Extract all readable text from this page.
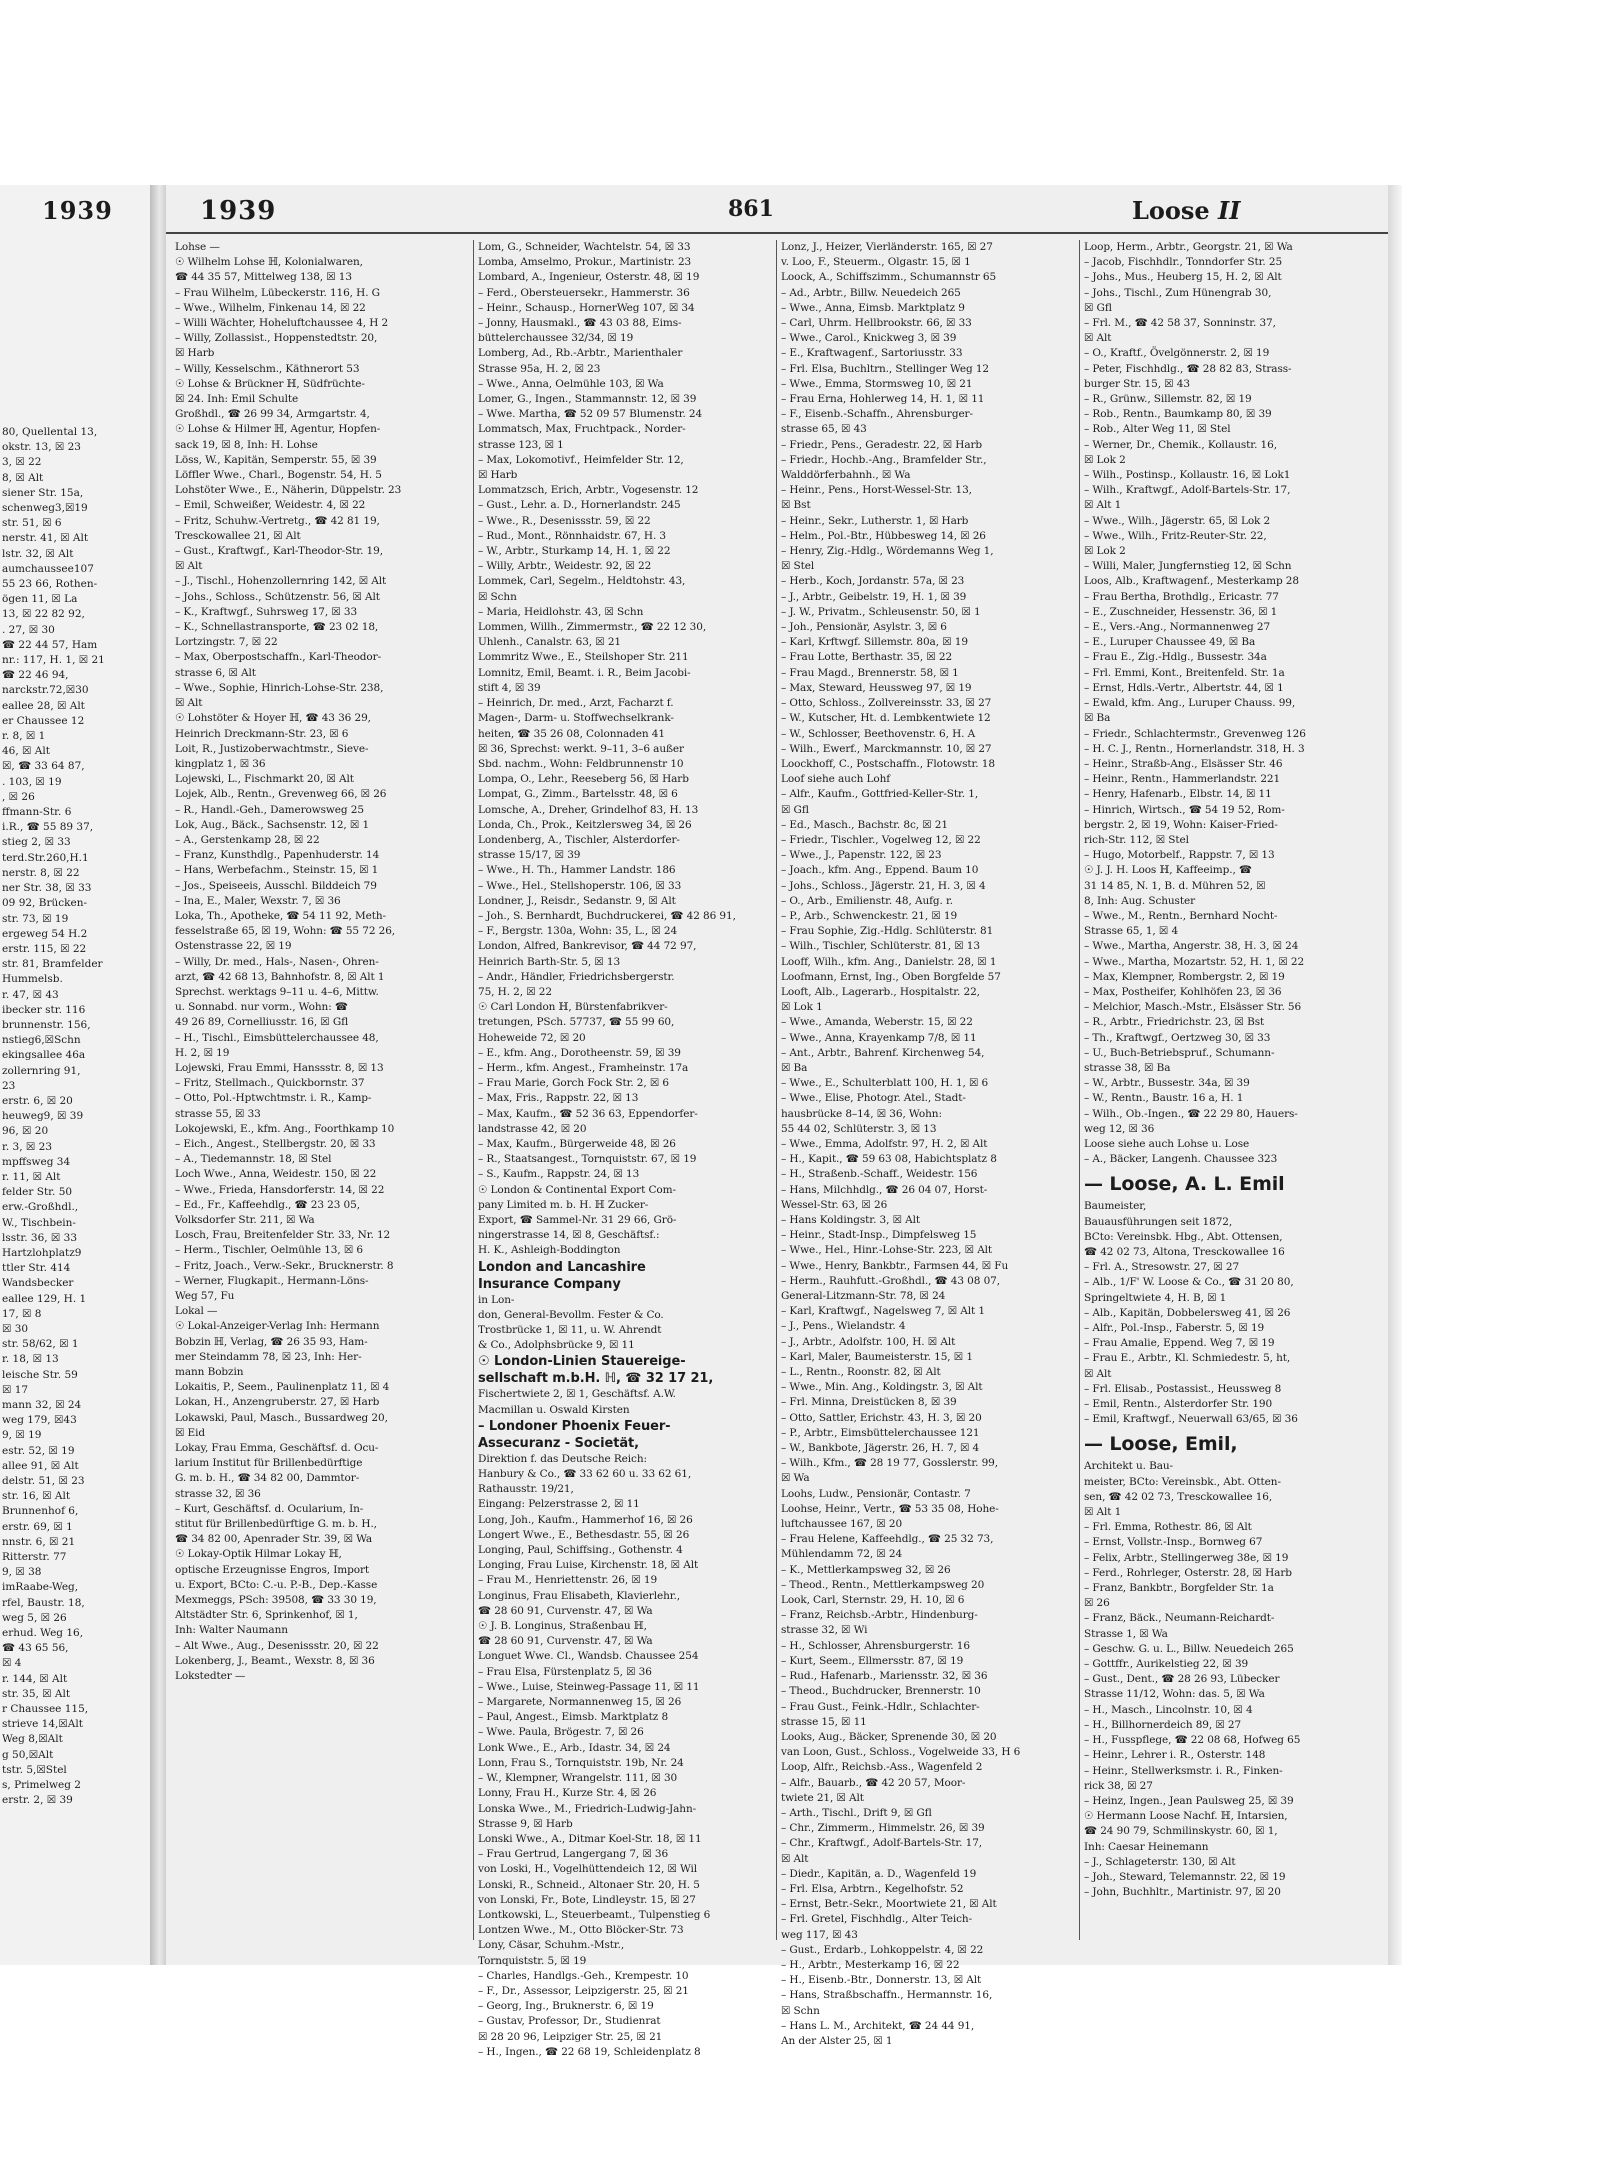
80, Quellental 13,
okstr. 13, ☒ 23
3, ☒ 22
8, ☒ Alt
siener Str. 15a,
schenweg3,☒19
str. 51, ☒ 6
nerstr. 41, ☒ Alt
lstr. 32, ☒ Alt
aumchaussee107
55 23 66, Rothen-
ögen 11, ☒ La
13, ☒ 22 82 92,
. 27, ☒ 30
☎ 22 44 57, Ham
nr.: 117, H. 1, ☒ 21
☎ 22 46 94,
narckstr.72,☒30
eallee 28, ☒ Alt
er Chaussee 12
r. 8, ☒ 1
46, ☒ Alt
☒, ☎ 33 64 87,
. 103, ☒ 19
, ☒ 26
ffmann-Str. 6
i.R., ☎ 55 89 37,
stieg 2, ☒ 33
terd.Str.260,H.1
nerstr. 8, ☒ 22
ner Str. 38, ☒ 33
09 92, Brücken-
str. 73, ☒ 19
ergeweg 54 H.2
erstr. 115, ☒ 22
str. 81, Bramfelder
Hummelsb.
r. 47, ☒ 43
ibecker str. 116
brunnenstr. 156,
nstieg6,☒Schn
ekingsallee 46a
zollernring 91,
23
erstr. 6, ☒ 20
heuweg9, ☒ 39
96, ☒ 20
r. 3, ☒ 23
mpffsweg 34
r. 11, ☒ Alt
felder Str. 50
erw.-Großhdl.,
W., Tischbein-
lsstr. 36, ☒ 33
Hartzlohplatz9
ttler Str. 414
Wandsbecker
eallee 129, H. 1
17, ☒ 8
☒ 30
str. 58/62, ☒ 1
r. 18, ☒ 13
leische Str. 59
☒ 17
mann 32, ☒ 24
weg 179, ☒43
9, ☒ 19
estr. 52, ☒ 19
allee 91, ☒ Alt
delstr. 51, ☒ 23
str. 16, ☒ Alt
Brunnenhof 6,
erstr. 69, ☒ 1
nnstr. 6, ☒ 21
Ritterstr. 77
9, ☒ 38
imRaabe-Weg,
rfel, Baustr. 18,
weg 5, ☒ 26
erhud. Weg 16,
☎ 43 65 56,
☒ 4
r. 144, ☒ Alt
str. 35, ☒ Alt
r Chaussee 115,
strieve 14,☒Alt
Weg 8,☒Alt
g 50,☒Alt
tstr. 5,☒Stel
s, Primelweg 2
erstr. 2, ☒ 39
1939	1939	861	Loose II
Lohse —
☉ Wilhelm Lohse ℍ, Kolonialwaren,
☎ 44 35 57, Mittelweg 138, ☒ 13
– Frau Wilhelm, Lübeckerstr. 116, H. G
– Wwe., Wilhelm, Finkenau 14, ☒ 22
– Willi Wächter, Hoheluftchaussee 4, H 2
– Willy, Zollassist., Hoppenstedtstr. 20,
☒ Harb
– Willy, Kesselschm., Käthnerort 53
☉ Lohse & Brückner ℍ, Südfrüchte-
☒ 24. Inh: Emil Schulte
Großhdl., ☎ 26 99 34, Armgartstr. 4,
☉ Lohse & Hilmer ℍ, Agentur, Hopfen-
sack 19, ☒ 8, Inh: H. Lohse
Löss, W., Kapitän, Semperstr. 55, ☒ 39
Löffler Wwe., Charl., Bogenstr. 54, H. 5
Lohstöter Wwe., E., Näherin, Düppelstr. 23
– Emil, Schweißer, Weidestr. 4, ☒ 22
– Fritz, Schuhw.-Vertretg., ☎ 42 81 19,
Tresckowallee 21, ☒ Alt
– Gust., Kraftwgf., Karl-Theodor-Str. 19,
☒ Alt
– J., Tischl., Hohenzollernring 142, ☒ Alt
– Johs., Schloss., Schützenstr. 56, ☒ Alt
– K., Kraftwgf., Suhrsweg 17, ☒ 33
– K., Schnellastransporte, ☎ 23 02 18,
Lortzingstr. 7, ☒ 22
– Max, Oberpostschaffn., Karl-Theodor-
strasse 6, ☒ Alt
– Wwe., Sophie, Hinrich-Lohse-Str. 238,
☒ Alt
☉ Lohstöter & Hoyer ℍ, ☎ 43 36 29,
Heinrich Dreckmann-Str. 23, ☒ 6
Loit, R., Justizoberwachtmstr., Sieve-
kingplatz 1, ☒ 36
Lojewski, L., Fischmarkt 20, ☒ Alt
Lojek, Alb., Rentn., Grevenweg 66, ☒ 26
– R., Handl.-Geh., Damerowsweg 25
Lok, Aug., Bäck., Sachsenstr. 12, ☒ 1
– A., Gerstenkamp 28, ☒ 22
– Franz, Kunsthdlg., Papenhuderstr. 14
– Hans, Werbefachm., Steinstr. 15, ☒ 1
– Jos., Speiseeis, Ausschl. Bilddeich 79
– Ina, E., Maler, Wexstr. 7, ☒ 36
Loka, Th., Apotheke, ☎ 54 11 92, Meth-
fesselstraße 65, ☒ 19, Wohn: ☎ 55 72 26,
Ostenstrasse 22, ☒ 19
– Willy, Dr. med., Hals-, Nasen-, Ohren-
arzt, ☎ 42 68 13, Bahnhofstr. 8, ☒ Alt 1
Sprechst. werktags 9–11 u. 4–6, Mittw.
u. Sonnabd. nur vorm., Wohn: ☎
49 26 89, Cornelliusstr. 16, ☒ Gfl
– H., Tischl., Eimsbüttelerchaussee 48,
H. 2, ☒ 19
Lojewski, Frau Emmi, Hanssstr. 8, ☒ 13
– Fritz, Stellmach., Quickbornstr. 37
– Otto, Pol.-Hptwchtmstr. i. R., Kamp-
strasse 55, ☒ 33
Lokojewski, E., kfm. Ang., Foorthkamp 10
– Eich., Angest., Stellbergstr. 20, ☒ 33
– A., Tiedemannstr. 18, ☒ Stel
Loch Wwe., Anna, Weidestr. 150, ☒ 22
– Wwe., Frieda, Hansdorferstr. 14, ☒ 22
– Ed., Fr., Kaffeehdlg., ☎ 23 23 05,
Volksdorfer Str. 211, ☒ Wa
Losch, Frau, Breitenfelder Str. 33, Nr. 12
– Herm., Tischler, Oelmühle 13, ☒ 6
– Fritz, Joach., Verw.-Sekr., Brucknerstr. 8
– Werner, Flugkapit., Hermann-Löns-
Weg 57, Fu
Lokal —
☉ Lokal-Anzeiger-Verlag Inh: Hermann
Bobzin ℍ, Verlag, ☎ 26 35 93, Ham-
mer Steindamm 78, ☒ 23, Inh: Her-
mann Bobzin
Lokaitis, P., Seem., Paulinenplatz 11, ☒ 4
Lokan, H., Anzengruberstr. 27, ☒ Harb
Lokawski, Paul, Masch., Bussardweg 20,
☒ Eid
Lokay, Frau Emma, Geschäftsf. d. Ocu-
larium Institut für Brillenbedürftige
G. m. b. H., ☎ 34 82 00, Dammtor-
strasse 32, ☒ 36
– Kurt, Geschäftsf. d. Ocularium, In-
stitut für Brillenbedürftige G. m. b. H.,
☎ 34 82 00, Apenrader Str. 39, ☒ Wa
☉ Lokay-Optik Hilmar Lokay ℍ,
optische Erzeugnisse Engros, Import
u. Export, BCto: C.-u. P.-B., Dep.-Kasse
Mexmeggs, PSch: 39508, ☎ 33 30 19,
Altstädter Str. 6, Sprinkenhof, ☒ 1,
Inh: Walter Naumann
– Alt Wwe., Aug., Desenissstr. 20, ☒ 22
Lokenberg, J., Beamt., Wexstr. 8, ☒ 36
Lokstedter —
Lom, G., Schneider, Wachtelstr. 54, ☒ 33
Lomba, Amselmo, Prokur., Martinistr. 23
Lombard, A., Ingenieur, Osterstr. 48, ☒ 19
– Ferd., Obersteuersekr., Hammerstr. 36
– Heinr., Schausp., HornerWeg 107, ☒ 34
– Jonny, Hausmakl., ☎ 43 03 88, Eims-
büttelerchaussee 32/34, ☒ 19
Lomberg, Ad., Rb.-Arbtr., Marienthaler
Strasse 95a, H. 2, ☒ 23
– Wwe., Anna, Oelmühle 103, ☒ Wa
Lomer, G., Ingen., Stammannstr. 12, ☒ 39
– Wwe. Martha, ☎ 52 09 57 Blumenstr. 24
Lommatsch, Max, Fruchtpack., Norder-
strasse 123, ☒ 1
– Max, Lokomotivf., Heimfelder Str. 12,
☒ Harb
Lommatzsch, Erich, Arbtr., Vogesenstr. 12
– Gust., Lehr. a. D., Hornerlandstr. 245
– Wwe., R., Desenissstr. 59, ☒ 22
– Rud., Mont., Rönnhaidstr. 67, H. 3
– W., Arbtr., Sturkamp 14, H. 1, ☒ 22
– Willy, Arbtr., Weidestr. 92, ☒ 22
Lommek, Carl, Segelm., Heldtohstr. 43,
☒ Schn
– Maria, Heidlohstr. 43, ☒ Schn
Lommen, Willh., Zimmermstr., ☎ 22 12 30,
Uhlenh., Canalstr. 63, ☒ 21
Lommritz Wwe., E., Steilshoper Str. 211
Lomnitz, Emil, Beamt. i. R., Beim Jacobi-
stift 4, ☒ 39
– Heinrich, Dr. med., Arzt, Facharzt f.
Magen-, Darm- u. Stoffwechselkrank-
heiten, ☎ 35 26 08, Colonnaden 41
☒ 36, Sprechst: werkt. 9–11, 3–6 außer
Sbd. nachm., Wohn: Feldbrunnenstr 10
Lompa, O., Lehr., Reeseberg 56, ☒ Harb
Lompat, G., Zimm., Bartelsstr. 48, ☒ 6
Lomsche, A., Dreher, Grindelhof 83, H. 13
Londa, Ch., Prok., Keitzlersweg 34, ☒ 26
Londenberg, A., Tischler, Alsterdorfer-
strasse 15/17, ☒ 39
– Wwe., H. Th., Hammer Landstr. 186
– Wwe., Hel., Stellshoperstr. 106, ☒ 33
Londner, J., Reisdr., Sedanstr. 9, ☒ Alt
– Joh., S. Bernhardt, Buchdruckerei, ☎ 42 86 91,
– F., Bergstr. 130a, Wohn: 35, L., ☒ 24
London, Alfred, Bankrevisor, ☎ 44 72 97,
Heinrich Barth-Str. 5, ☒ 13
– Andr., Händler, Friedrichsbergerstr.
75, H. 2, ☒ 22
☉ Carl London ℍ, Bürstenfabrikver-
tretungen, PSch. 57737, ☎ 55 99 60,
Hoheweide 72, ☒ 20
– E., kfm. Ang., Dorotheenstr. 59, ☒ 39
– Herm., kfm. Angest., Framheinstr. 17a
– Frau Marie, Gorch Fock Str. 2, ☒ 6
– Max, Fris., Rappstr. 22, ☒ 13
– Max, Kaufm., ☎ 52 36 63, Eppendorfer-
landstrasse 42, ☒ 20
– Max, Kaufm., Bürgerweide 48, ☒ 26
– R., Staatsangest., Tornquiststr. 67, ☒ 19
– S., Kaufm., Rappstr. 24, ☒ 13
☉ London & Continental Export Com-
pany Limited m. b. H. ℍ Zucker-
Export, ☎ Sammel-Nr. 31 29 66, Grö-
ningerstrasse 14, ☒ 8, Geschäftsf.:
H. K., Ashleigh-Boddington
London and Lancashire
Insurance Company
in Lon-
don, General-Bevollm. Fester & Co.
Trostbrücke 1, ☒ 11, u. W. Ahrendt
& Co., Adolphsbrücke 9, ☒ 11
☉ London-Linien Stauereige-
sellschaft m.b.H. ℍ, ☎ 32 17 21,
Fischertwiete 2, ☒ 1, Geschäftsf. A.W.
Macmillan u. Oswald Kirsten
– Londoner Phoenix Feuer-
Assecuranz - Societät,
Direktion f. das Deutsche Reich:
Hanbury & Co., ☎ 33 62 60 u. 33 62 61,
Rathausstr. 19/21,
Eingang: Pelzerstrasse 2, ☒ 11
Long, Joh., Kaufm., Hammerhof 16, ☒ 26
Longert Wwe., E., Bethesdastr. 55, ☒ 26
Longing, Paul, Schiffsing., Gothenstr. 4
Longing, Frau Luise, Kirchenstr. 18, ☒ Alt
– Frau M., Henriettenstr. 26, ☒ 19
Longinus, Frau Elisabeth, Klavierlehr.,
☎ 28 60 91, Curvenstr. 47, ☒ Wa
☉ J. B. Longinus, Straßenbau ℍ,
☎ 28 60 91, Curvenstr. 47, ☒ Wa
Longuet Wwe. Cl., Wandsb. Chaussee 254
– Frau Elsa, Fürstenplatz 5, ☒ 36
– Wwe., Luise, Steinweg-Passage 11, ☒ 11
– Margarete, Normannenweg 15, ☒ 26
– Paul, Angest., Eimsb. Marktplatz 8
– Wwe. Paula, Brögestr. 7, ☒ 26
Lonk Wwe., E., Arb., Idastr. 34, ☒ 24
Lonn, Frau S., Tornquiststr. 19b, Nr. 24
– W., Klempner, Wrangelstr. 111, ☒ 30
Lonny, Frau H., Kurze Str. 4, ☒ 26
Lonska Wwe., M., Friedrich-Ludwig-Jahn-
Strasse 9, ☒ Harb
Lonski Wwe., A., Ditmar Koel-Str. 18, ☒ 11
– Frau Gertrud, Langergang 7, ☒ 36
von Loski, H., Vogelhüttendeich 12, ☒ Wil
Lonski, R., Schneid., Altonaer Str. 20, H. 5
von Lonski, Fr., Bote, Lindleystr. 15, ☒ 27
Lontkowski, L., Steuerbeamt., Tulpenstieg 6
Lontzen Wwe., M., Otto Blöcker-Str. 73
Lony, Cäsar, Schuhm.-Mstr.,
Tornquiststr. 5, ☒ 19
– Charles, Handlgs.-Geh., Krempestr. 10
– F., Dr., Assessor, Leipzigerstr. 25, ☒ 21
– Georg, Ing., Bruknerstr. 6, ☒ 19
– Gustav, Professor, Dr., Studienrat
☒ 28 20 96, Leipziger Str. 25, ☒ 21
– H., Ingen., ☎ 22 68 19, Schleidenplatz 8
Lonz, J., Heizer, Vierländerstr. 165, ☒ 27
v. Loo, F., Steuerm., Olgastr. 15, ☒ 1
Loock, A., Schiffszimm., Schumannstr 65
– Ad., Arbtr., Billw. Neuedeich 265
– Wwe., Anna, Eimsb. Marktplatz 9
– Carl, Uhrm. Hellbrookstr. 66, ☒ 33
– Wwe., Carol., Knickweg 3, ☒ 39
– E., Kraftwagenf., Sartoriusstr. 33
– Frl. Elsa, Buchltrn., Stellinger Weg 12
– Wwe., Emma, Stormsweg 10, ☒ 21
– Frau Erna, Hohlerweg 14, H. 1, ☒ 11
– F., Eisenb.-Schaffn., Ahrensburger-
strasse 65, ☒ 43
– Friedr., Pens., Geradestr. 22, ☒ Harb
– Friedr., Hochb.-Ang., Bramfelder Str.,
Walddörferbahnh., ☒ Wa
– Heinr., Pens., Horst-Wessel-Str. 13,
☒ Bst
– Heinr., Sekr., Lutherstr. 1, ☒ Harb
– Helm., Pol.-Btr., Hübbesweg 14, ☒ 26
– Henry, Zig.-Hdlg., Wördemanns Weg 1,
☒ Stel
– Herb., Koch, Jordanstr. 57a, ☒ 23
– J., Arbtr., Geibelstr. 19, H. 1, ☒ 39
– J. W., Privatm., Schleusenstr. 50, ☒ 1
– Joh., Pensionär, Asylstr. 3, ☒ 6
– Karl, Krftwgf. Sillemstr. 80a, ☒ 19
– Frau Lotte, Berthastr. 35, ☒ 22
– Frau Magd., Brennerstr. 58, ☒ 1
– Max, Steward, Heussweg 97, ☒ 19
– Otto, Schloss., Zollvereinsstr. 33, ☒ 27
– W., Kutscher, Ht. d. Lembkentwiete 12
– W., Schlosser, Beethovenstr. 6, H. A
– Wilh., Ewerf., Marckmannstr. 10, ☒ 27
Loockhoff, C., Postschaffn., Flotowstr. 18
Loof siehe auch Lohf
– Alfr., Kaufm., Gottfried-Keller-Str. 1,
☒ Gfl
– Ed., Masch., Bachstr. 8c, ☒ 21
– Friedr., Tischler., Vogelweg 12, ☒ 22
– Wwe., J., Papenstr. 122, ☒ 23
– Joach., kfm. Ang., Eppend. Baum 10
– Johs., Schloss., Jägerstr. 21, H. 3, ☒ 4
– O., Arb., Emilienstr. 48, Aufg. r.
– P., Arb., Schwenckestr. 21, ☒ 19
– Frau Sophie, Zig.-Hdlg. Schlüterstr. 81
– Wilh., Tischler, Schlüterstr. 81, ☒ 13
Looff, Wilh., kfm. Ang., Danielstr. 28, ☒ 1
Loofmann, Ernst, Ing., Oben Borgfelde 57
Looft, Alb., Lagerarb., Hospitalstr. 22,
☒ Lok 1
– Wwe., Amanda, Weberstr. 15, ☒ 22
– Wwe., Anna, Krayenkamp 7/8, ☒ 11
– Ant., Arbtr., Bahrenf. Kirchenweg 54,
☒ Ba
– Wwe., E., Schulterblatt 100, H. 1, ☒ 6
– Wwe., Elise, Photogr. Atel., Stadt-
hausbrücke 8–14, ☒ 36, Wohn:
55 44 02, Schlüterstr. 3, ☒ 13
– Wwe., Emma, Adolfstr. 97, H. 2, ☒ Alt
– H., Kapit., ☎ 59 63 08, Habichtsplatz 8
– H., Straßenb.-Schaff., Weidestr. 156
– Hans, Milchhdlg., ☎ 26 04 07, Horst-
Wessel-Str. 63, ☒ 26
– Hans Koldingstr. 3, ☒ Alt
– Heinr., Stadt-Insp., Dimpfelsweg 15
– Wwe., Hel., Hinr.-Lohse-Str. 223, ☒ Alt
– Wwe., Henry, Bankbtr., Farmsen 44, ☒ Fu
– Herm., Rauhfutt.-Großhdl., ☎ 43 08 07,
General-Litzmann-Str. 78, ☒ 24
– Karl, Kraftwgf., Nagelsweg 7, ☒ Alt 1
– J., Pens., Wielandstr. 4
– J., Arbtr., Adolfstr. 100, H. ☒ Alt
– Karl, Maler, Baumeisterstr. 15, ☒ 1
– L., Rentn., Roonstr. 82, ☒ Alt
– Wwe., Min. Ang., Koldingstr. 3, ☒ Alt
– Frl. Minna, Dreistücken 8, ☒ 39
– Otto, Sattler, Erichstr. 43, H. 3, ☒ 20
– P., Arbtr., Eimsbüttelerchaussee 121
– W., Bankbote, Jägerstr. 26, H. 7, ☒ 4
– Wilh., Kfm., ☎ 28 19 77, Gosslerstr. 99,
☒ Wa
Loohs, Ludw., Pensionär, Contastr. 7
Loohse, Heinr., Vertr., ☎ 53 35 08, Hohe-
luftchaussee 167, ☒ 20
– Frau Helene, Kaffeehdlg., ☎ 25 32 73,
Mühlendamm 72, ☒ 24
– K., Mettlerkampsweg 32, ☒ 26
– Theod., Rentn., Mettlerkampsweg 20
Look, Carl, Sternstr. 29, H. 10, ☒ 6
– Franz, Reichsb.-Arbtr., Hindenburg-
strasse 32, ☒ Wi
– H., Schlosser, Ahrensburgerstr. 16
– Kurt, Seem., Ellmersstr. 87, ☒ 19
– Rud., Hafenarb., Mariensstr. 32, ☒ 36
– Theod., Buchdrucker, Brennerstr. 10
– Frau Gust., Feink.-Hdlr., Schlachter-
strasse 15, ☒ 11
Looks, Aug., Bäcker, Sprenende 30, ☒ 20
van Loon, Gust., Schloss., Vogelweide 33, H 6
Loop, Alfr., Reichsb.-Ass., Wagenfeld 2
– Alfr., Bauarb., ☎ 42 20 57, Moor-
twiete 21, ☒ Alt
– Arth., Tischl., Drift 9, ☒ Gfl
– Chr., Zimmerm., Himmelstr. 26, ☒ 39
– Chr., Kraftwgf., Adolf-Bartels-Str. 17,
☒ Alt
– Diedr., Kapitän, a. D., Wagenfeld 19
– Frl. Elsa, Arbtrn., Kegelhofstr. 52
– Ernst, Betr.-Sekr., Moortwiete 21, ☒ Alt
– Frl. Gretel, Fischhdlg., Alter Teich-
weg 117, ☒ 43
– Gust., Erdarb., Lohkoppelstr. 4, ☒ 22
– H., Arbtr., Mesterkamp 16, ☒ 22
– H., Eisenb.-Btr., Donnerstr. 13, ☒ Alt
– Hans, Straßbschaffn., Hermannstr. 16,
☒ Schn
– Hans L. M., Architekt, ☎ 24 44 91,
An der Alster 25, ☒ 1
Loop, Herm., Arbtr., Georgstr. 21, ☒ Wa
– Jacob, Fischhdlr., Tonndorfer Str. 25
– Johs., Mus., Heuberg 15, H. 2, ☒ Alt
– Johs., Tischl., Zum Hünengrab 30,
☒ Gfl
– Frl. M., ☎ 42 58 37, Sonninstr. 37,
☒ Alt
– O., Kraftf., Övelgönnerstr. 2, ☒ 19
– Peter, Fischhdlg., ☎ 28 82 83, Strass-
burger Str. 15, ☒ 43
– R., Grünw., Sillemstr. 82, ☒ 19
– Rob., Rentn., Baumkamp 80, ☒ 39
– Rob., Alter Weg 11, ☒ Stel
– Werner, Dr., Chemik., Kollaustr. 16,
☒ Lok 2
– Wilh., Postinsp., Kollaustr. 16, ☒ Lok1
– Wilh., Kraftwgf., Adolf-Bartels-Str. 17,
☒ Alt 1
– Wwe., Wilh., Jägerstr. 65, ☒ Lok 2
– Wwe., Wilh., Fritz-Reuter-Str. 22,
☒ Lok 2
– Willi, Maler, Jungfernstieg 12, ☒ Schn
Loos, Alb., Kraftwagenf., Mesterkamp 28
– Frau Bertha, Brothdlg., Ericastr. 77
– E., Zuschneider, Hessenstr. 36, ☒ 1
– E., Vers.-Ang., Normannenweg 27
– E., Luruper Chaussee 49, ☒ Ba
– Frau E., Zig.-Hdlg., Bussestr. 34a
– Frl. Emmi, Kont., Breitenfeld. Str. 1a
– Ernst, Hdls.-Vertr., Albertstr. 44, ☒ 1
– Ewald, kfm. Ang., Luruper Chauss. 99,
☒ Ba
– Friedr., Schlachtermstr., Grevenweg 126
– H. C. J., Rentn., Hornerlandstr. 318, H. 3
– Heinr., Straßb-Ang., Elsässer Str. 46
– Heinr., Rentn., Hammerlandstr. 221
– Henry, Hafenarb., Elbstr. 14, ☒ 11
– Hinrich, Wirtsch., ☎ 54 19 52, Rom-
bergstr. 2, ☒ 19, Wohn: Kaiser-Fried-
rich-Str. 112, ☒ Stel
– Hugo, Motorbelf., Rappstr. 7, ☒ 13
☉ J. J. H. Loos ℍ, Kaffeeimp., ☎
31 14 85, N. 1, B. d. Mühren 52, ☒
8, Inh: Aug. Schuster
– Wwe., M., Rentn., Bernhard Nocht-
Strasse 65, 1, ☒ 4
– Wwe., Martha, Angerstr. 38, H. 3, ☒ 24
– Wwe., Martha, Mozartstr. 52, H. 1, ☒ 22
– Max, Klempner, Rombergstr. 2, ☒ 19
– Max, Postheifer, Kohlhöfen 23, ☒ 36
– Melchior, Masch.-Mstr., Elsässer Str. 56
– R., Arbtr., Friedrichstr. 23, ☒ Bst
– Th., Kraftwgf., Oertzweg 30, ☒ 33
– U., Buch-Betriebspruf., Schumann-
strasse 38, ☒ Ba
– W., Arbtr., Bussestr. 34a, ☒ 39
– W., Rentn., Baustr. 16 a, H. 1
– Wilh., Ob.-Ingen., ☎ 22 29 80, Hauers-
weg 12, ☒ 36
Loose siehe auch Lohse u. Lose
– A., Bäcker, Langenh. Chaussee 323
— Loose, A. L. Emil
Baumeister,
Bauausführungen seit 1872,
BCto: Vereinsbk. Hbg., Abt. Ottensen,
☎ 42 02 73, Altona, Tresckowallee 16
– Frl. A., Stresowstr. 27, ☒ 27
– Alb., 1/F' W. Loose & Co., ☎ 31 20 80,
Springeltwiete 4, H. B, ☒ 1
– Alb., Kapitän, Dobbelersweg 41, ☒ 26
– Alfr., Pol.-Insp., Faberstr. 5, ☒ 19
– Frau Amalie, Eppend. Weg 7, ☒ 19
– Frau E., Arbtr., Kl. Schmiedestr. 5, ht,
☒ Alt
– Frl. Elisab., Postassist., Heussweg 8
– Emil, Rentn., Alsterdorfer Str. 190
– Emil, Kraftwgf., Neuerwall 63/65, ☒ 36
— Loose, Emil,
Architekt u. Bau-
meister, BCto: Vereinsbk., Abt. Otten-
sen, ☎ 42 02 73, Tresckowallee 16,
☒ Alt 1
– Frl. Emma, Rothestr. 86, ☒ Alt
– Ernst, Vollstr.-Insp., Bornweg 67
– Felix, Arbtr., Stellingerweg 38e, ☒ 19
– Ferd., Rohrleger, Osterstr. 28, ☒ Harb
– Franz, Bankbtr., Borgfelder Str. 1a
☒ 26
– Franz, Bäck., Neumann-Reichardt-
Strasse 1, ☒ Wa
– Geschw. G. u. L., Billw. Neuedeich 265
– Gottffr., Aurikelstieg 22, ☒ 39
– Gust., Dent., ☎ 28 26 93, Lübecker
Strasse 11/12, Wohn: das. 5, ☒ Wa
– H., Masch., Lincolnstr. 10, ☒ 4
– H., Billhornerdeich 89, ☒ 27
– H., Fusspflege, ☎ 22 08 68, Hofweg 65
– Heinr., Lehrer i. R., Osterstr. 148
– Heinr., Stellwerksmstr. i. R., Finken-
rick 38, ☒ 27
– Heinz, Ingen., Jean Paulsweg 25, ☒ 39
☉ Hermann Loose Nachf. ℍ, Intarsien,
☎ 24 90 79, Schmilinskystr. 60, ☒ 1,
Inh: Caesar Heinemann
– J., Schlageterstr. 130, ☒ Alt
– Joh., Steward, Telemannstr. 22, ☒ 19
– John, Buchhltr., Martinistr. 97, ☒ 20
